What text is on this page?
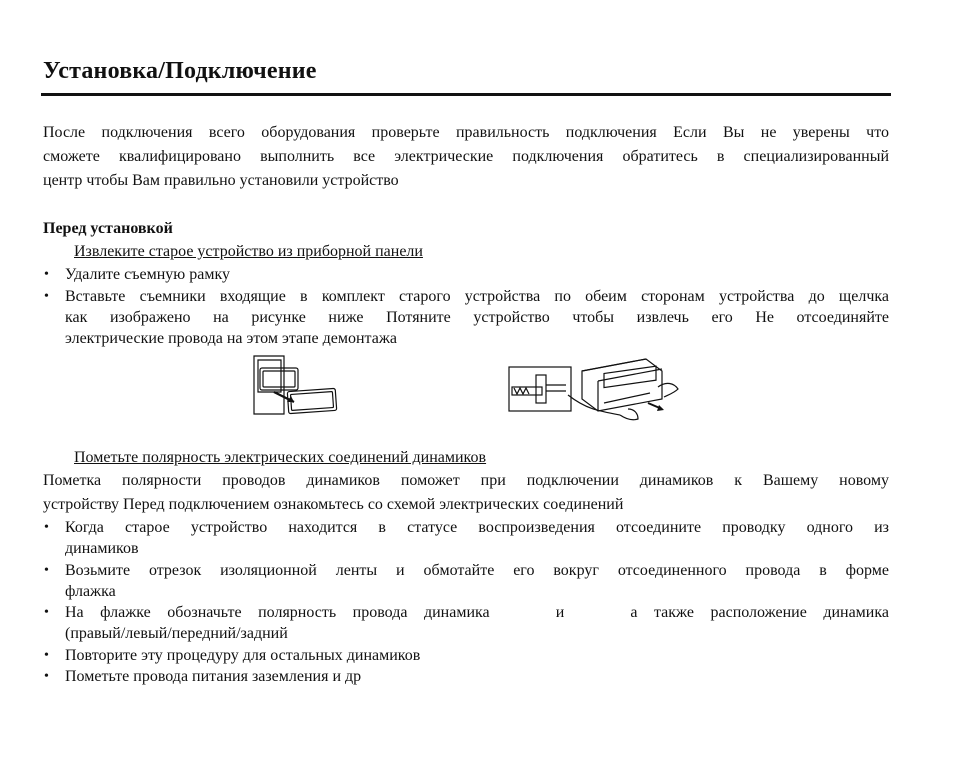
Установка/Подключение
После подключения всего оборудования проверьте правильность подключения Если Вы не уверены что
сможете квалифицировано выполнить все электрические подключения обратитесь в специализированный
центр чтобы Вам правильно установили устройство
Перед установкой
Извлеките старое устройство из приборной панели
• Удалите съемную рамку
• Вставьте съемники входящие в комплект старого устройства по обеим сторонам устройства до щелчка
как изображено на рисунке ниже Потяните устройство чтобы извлечь его Не отсоединяйте
электрические провода на этом этапе демонтажа
Пометьте полярность электрических соединений динамиков
Пометка полярности проводов динамиков поможет при подключении динамиков к Вашему новому
устройству Перед подключением ознакомьтесь со схемой электрических соединений
• Когда старое устройство находится в статусе воспроизведения отсоедините проводку одного из
динамиков
• Возьмите отрезок изоляционной ленты и обмотайте его вокруг отсоединенного провода в форме
флажка
• На флажке обозначьте полярность провода динамика    и    а также расположение динамика
(правый/левый/передний/задний
• Повторите эту процедуру для остальных динамиков
• Пометьте провода питания заземления и др
